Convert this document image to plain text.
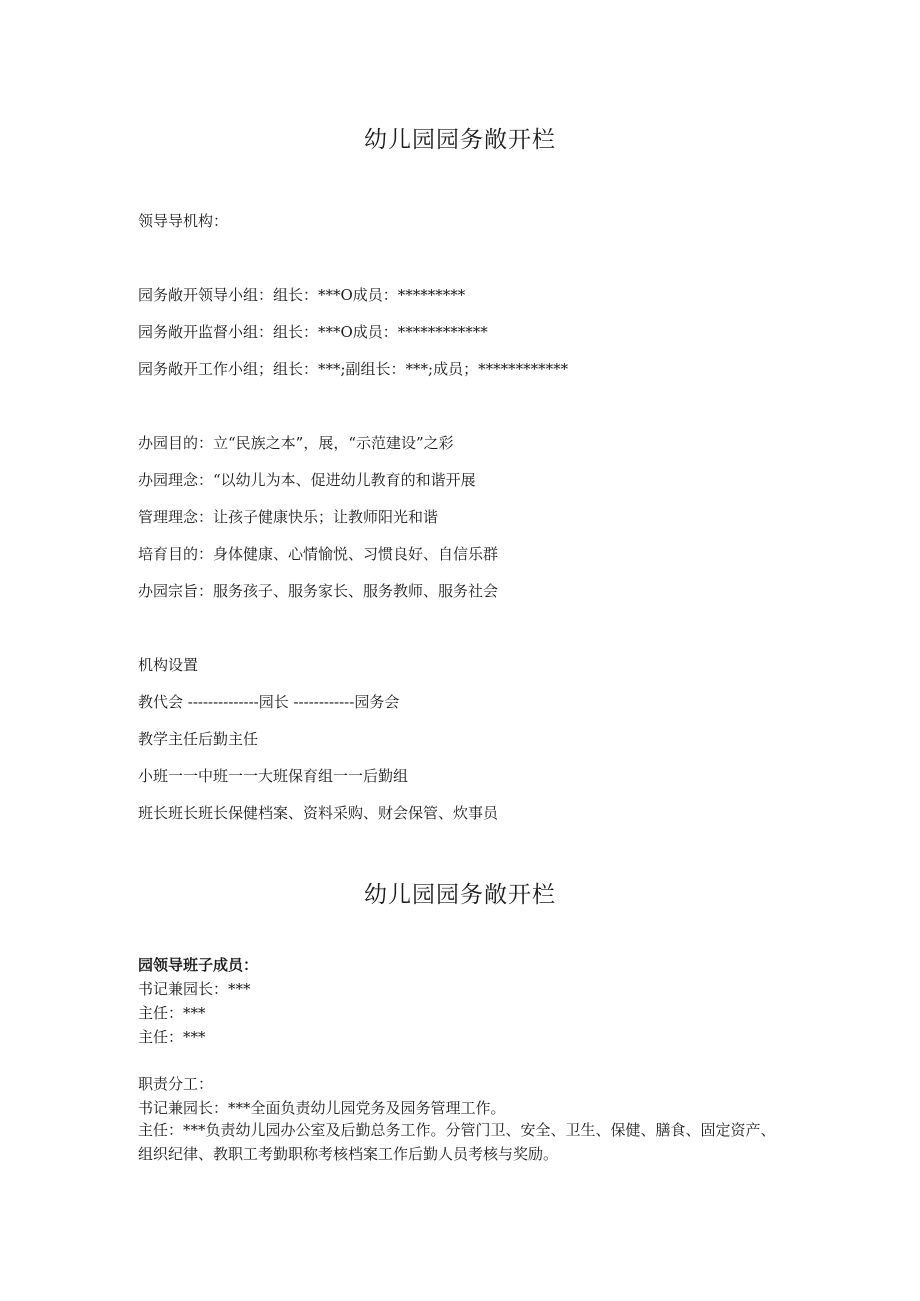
幼儿园园务敞开栏
领导导机构：
园务敞开领导小组：组长：***O成员：*********
园务敞开监督小组：组长：***O成员：************
园务敞开工作小组；组长：***;副组长：***;成员；************
办园目的：立“民族之本”，展，“示范建设”之彩
办园理念：“以幼儿为本、促进幼儿教育的和谐开展
管理理念：让孩子健康快乐；让教师阳光和谐
培育目的：身体健康、心情愉悦、习惯良好、自信乐群
办园宗旨：服务孩子、服务家长、服务教师、服务社会
机构设置
教代会 --------------园长 ------------园务会
教学主任后勤主任
小班一一中班一一大班保育组一一后勤组
班长班长班长保健档案、资料采购、财会保管、炊事员
幼儿园园务敞开栏
园领导班子成员：
书记兼园长：***
主任：***
主任：***
职责分工：
书记兼园长：***全面负责幼儿园党务及园务管理工作。
主任：***负责幼儿园办公室及后勤总务工作。分管门卫、安全、卫生、保健、膳食、固定资产、组织纪律、教职工考勤职称考核档案工作后勤人员考核与奖励。
